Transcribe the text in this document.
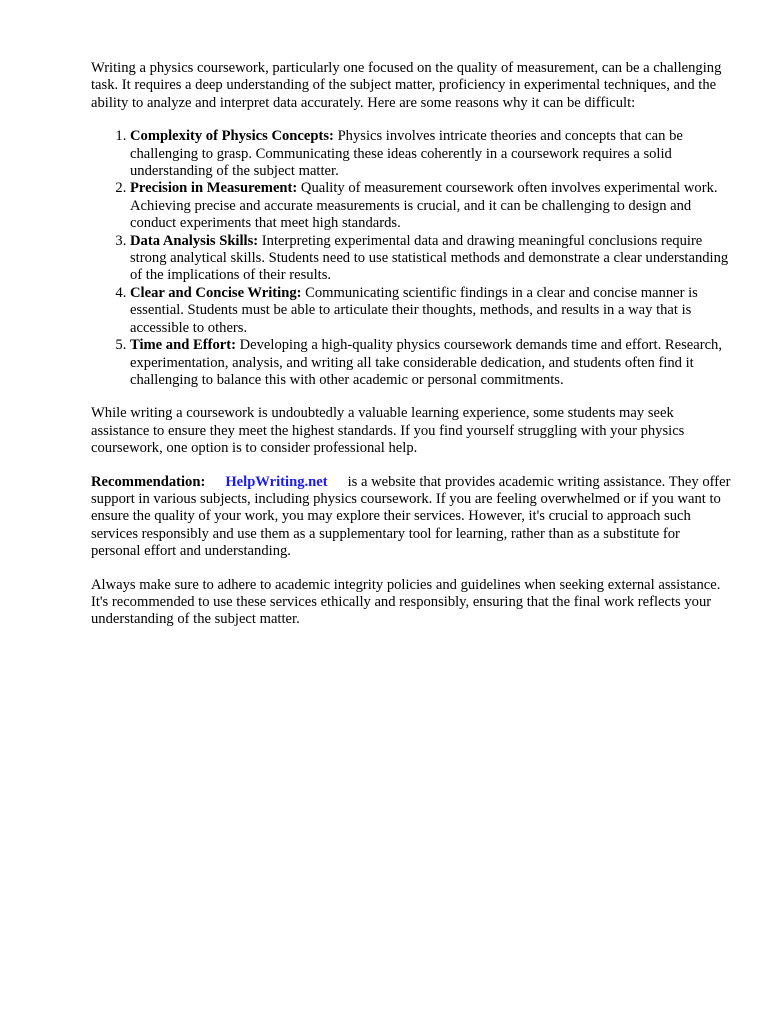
Writing a physics coursework, particularly one focused on the quality of measurement, can be a challenging task. It requires a deep understanding of the subject matter, proficiency in experimental techniques, and the ability to analyze and interpret data accurately. Here are some reasons why it can be difficult:

1. Complexity of Physics Concepts: Physics involves intricate theories and concepts that can be challenging to grasp. Communicating these ideas coherently in a coursework requires a solid understanding of the subject matter.
2. Precision in Measurement: Quality of measurement coursework often involves experimental work. Achieving precise and accurate measurements is crucial, and it can be challenging to design and conduct experiments that meet high standards.
3. Data Analysis Skills: Interpreting experimental data and drawing meaningful conclusions require strong analytical skills. Students need to use statistical methods and demonstrate a clear understanding of the implications of their results.
4. Clear and Concise Writing: Communicating scientific findings in a clear and concise manner is essential. Students must be able to articulate their thoughts, methods, and results in a way that is accessible to others.
5. Time and Effort: Developing a high-quality physics coursework demands time and effort. Research, experimentation, analysis, and writing all take considerable dedication, and students often find it challenging to balance this with other academic or personal commitments.

While writing a coursework is undoubtedly a valuable learning experience, some students may seek assistance to ensure they meet the highest standards. If you find yourself struggling with your physics coursework, one option is to consider professional help.

Recommendation: HelpWriting.net is a website that provides academic writing assistance. They offer support in various subjects, including physics coursework. If you are feeling overwhelmed or if you want to ensure the quality of your work, you may explore their services. However, it's crucial to approach such services responsibly and use them as a supplementary tool for learning, rather than as a substitute for personal effort and understanding.

Always make sure to adhere to academic integrity policies and guidelines when seeking external assistance. It's recommended to use these services ethically and responsibly, ensuring that the final work reflects your understanding of the subject matter.
